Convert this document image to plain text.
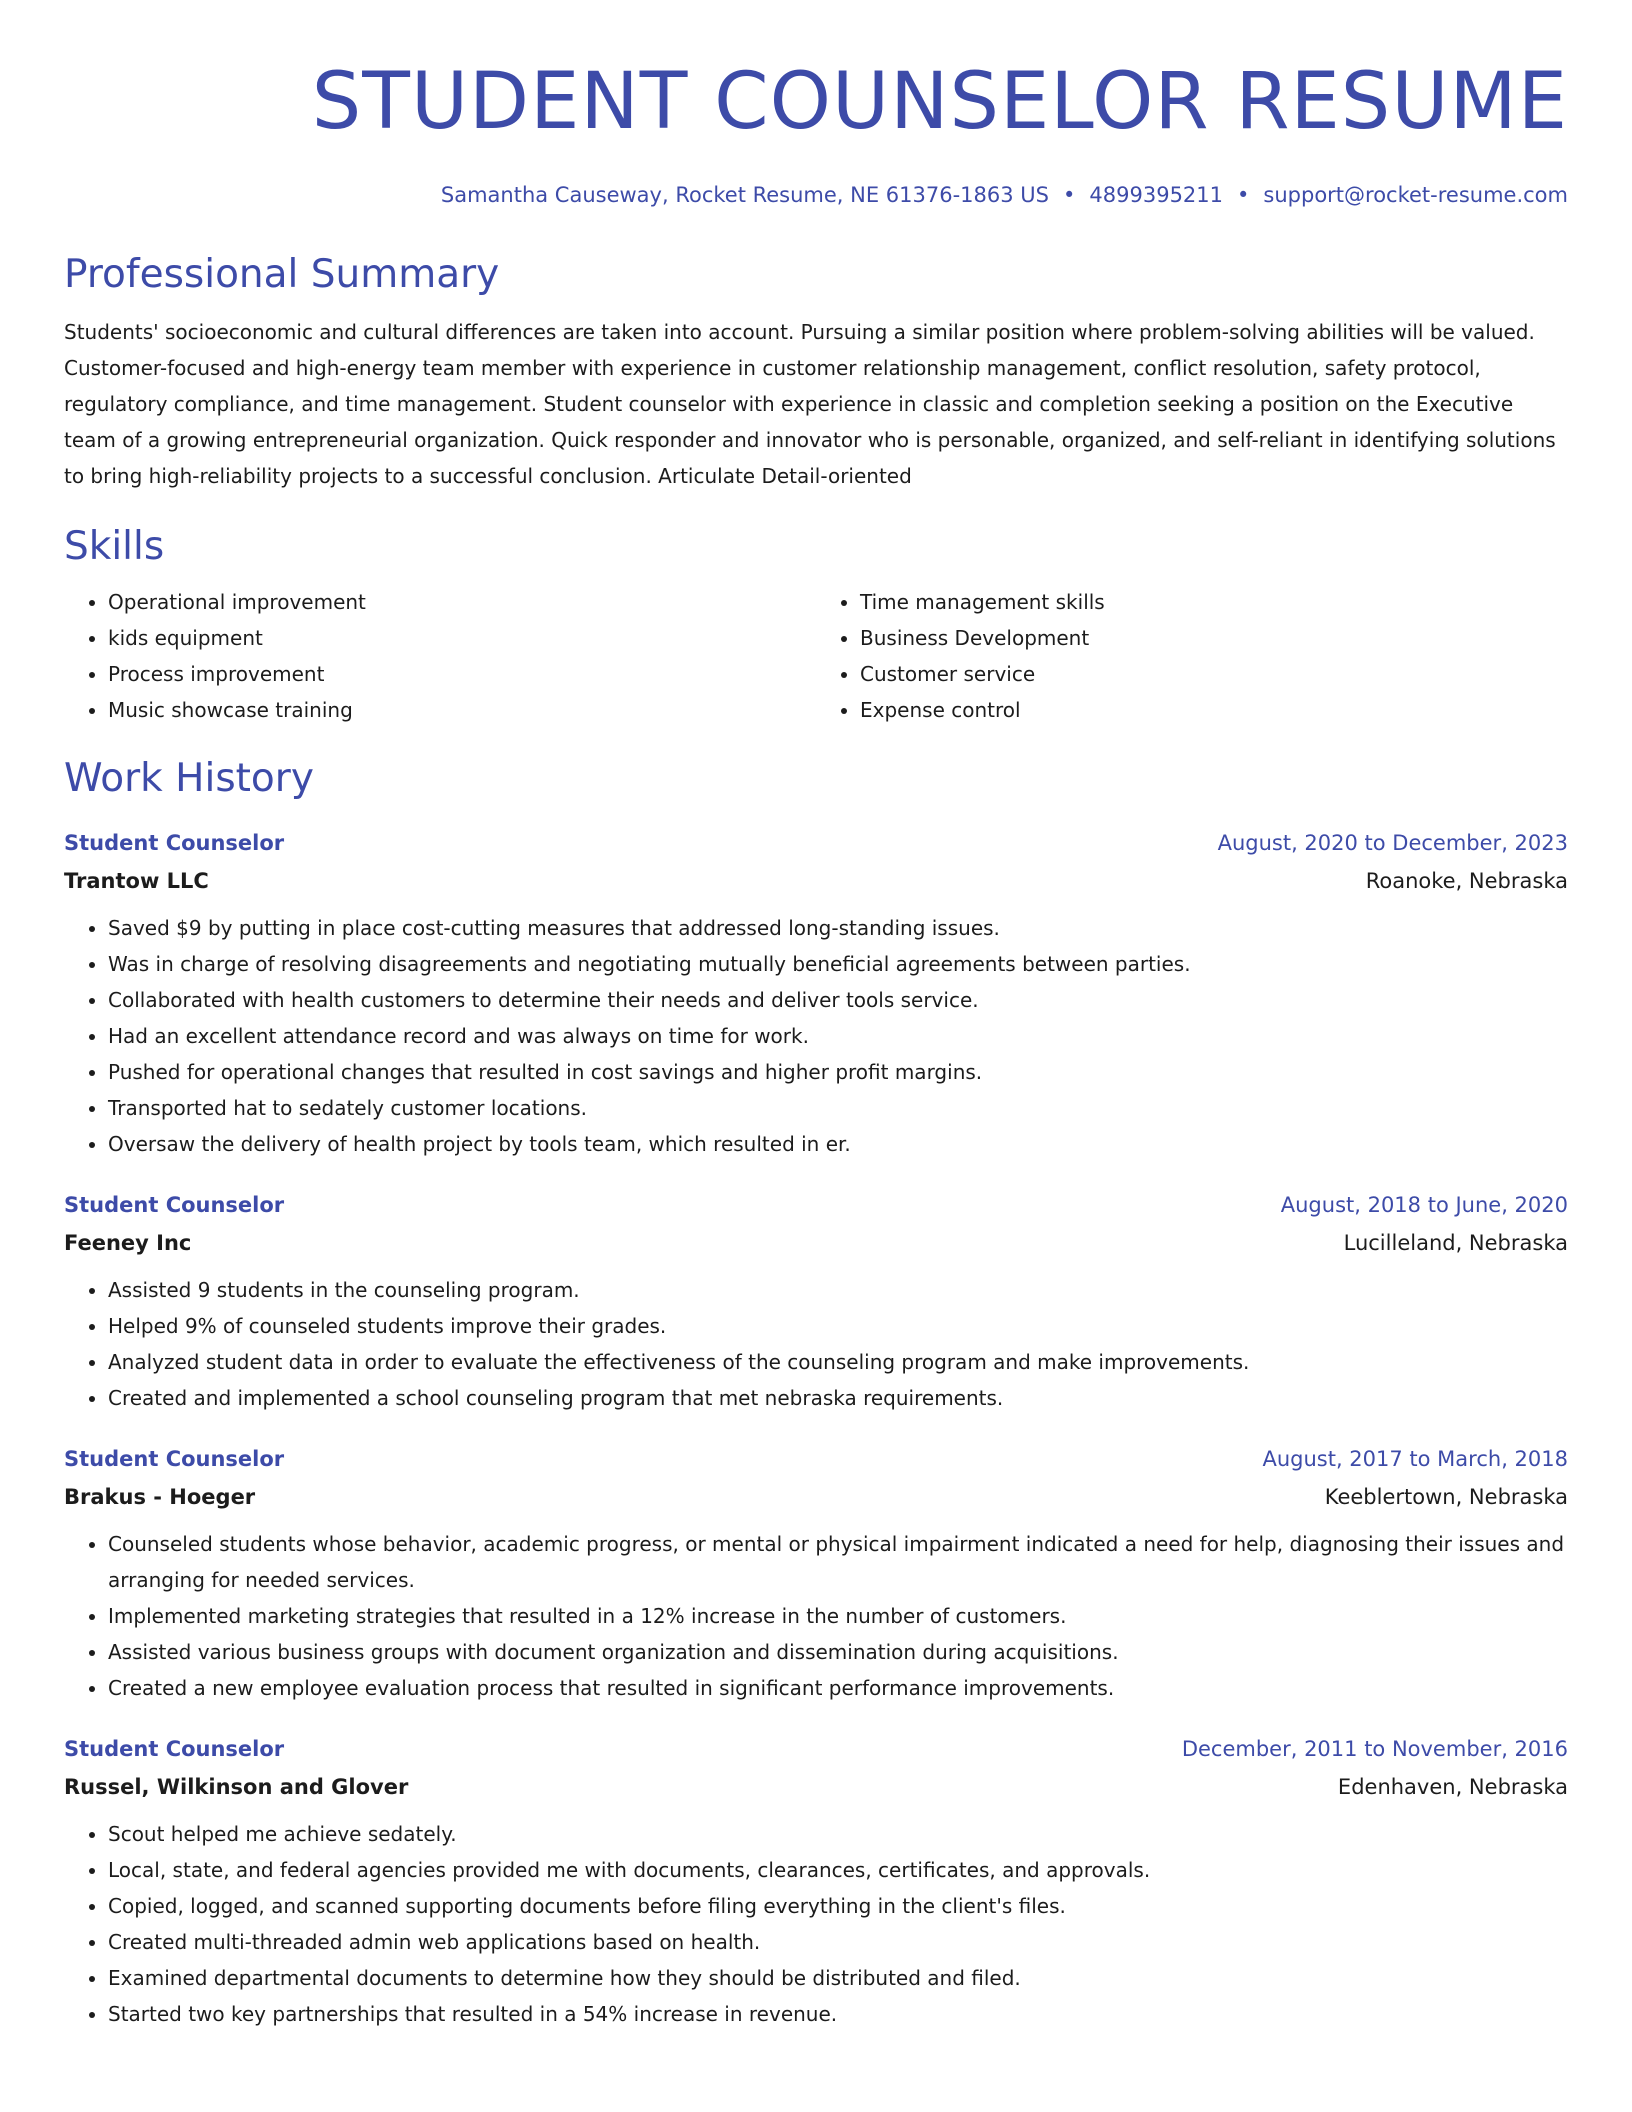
STUDENT COUNSELOR RESUME
Samantha Causeway, Rocket Resume, NE 61376-1863 US • 4899395211 • support@rocket-resume.com
Professional Summary

Students' socioeconomic and cultural differences are taken into account. Pursuing a similar position where problem-solving abilities will be valued. Customer-focused and high-energy team member with experience in customer relationship management, conflict resolution, safety protocol, regulatory compliance, and time management. Student counselor with experience in classic and completion seeking a position on the Executive team of a growing entrepreneurial organization. Quick responder and innovator who is personable, organized, and self-reliant in identifying solutions to bring high-reliability projects to a successful conclusion. Articulate Detail-oriented

Skills
• Operational improvement
• kids equipment
• Process improvement
• Music showcase training
• Time management skills
• Business Development
• Customer service
• Expense control
Work History
Student Counselor	August, 2020 to December, 2023
Trantow LLC	Roanoke, Nebraska
• Saved $9 by putting in place cost-cutting measures that addressed long-standing issues.
• Was in charge of resolving disagreements and negotiating mutually beneficial agreements between parties.
• Collaborated with health customers to determine their needs and deliver tools service.
• Had an excellent attendance record and was always on time for work.
• Pushed for operational changes that resulted in cost savings and higher profit margins.
• Transported hat to sedately customer locations.
• Oversaw the delivery of health project by tools team, which resulted in er.
Student Counselor	August, 2018 to June, 2020
Feeney Inc	Lucilleland, Nebraska
• Assisted 9 students in the counseling program.
• Helped 9% of counseled students improve their grades.
• Analyzed student data in order to evaluate the effectiveness of the counseling program and make improvements.
• Created and implemented a school counseling program that met nebraska requirements.
Student Counselor	August, 2017 to March, 2018
Brakus - Hoeger	Keeblertown, Nebraska
• Counseled students whose behavior, academic progress, or mental or physical impairment indicated a need for help, diagnosing their issues and arranging for needed services.
• Implemented marketing strategies that resulted in a 12% increase in the number of customers.
• Assisted various business groups with document organization and dissemination during acquisitions.
• Created a new employee evaluation process that resulted in significant performance improvements.
Student Counselor	December, 2011 to November, 2016
Russel, Wilkinson and Glover	Edenhaven, Nebraska
• Scout helped me achieve sedately.
• Local, state, and federal agencies provided me with documents, clearances, certificates, and approvals.
• Copied, logged, and scanned supporting documents before filing everything in the client's files.
• Created multi-threaded admin web applications based on health.
• Examined departmental documents to determine how they should be distributed and filed.
• Started two key partnerships that resulted in a 54% increase in revenue.
